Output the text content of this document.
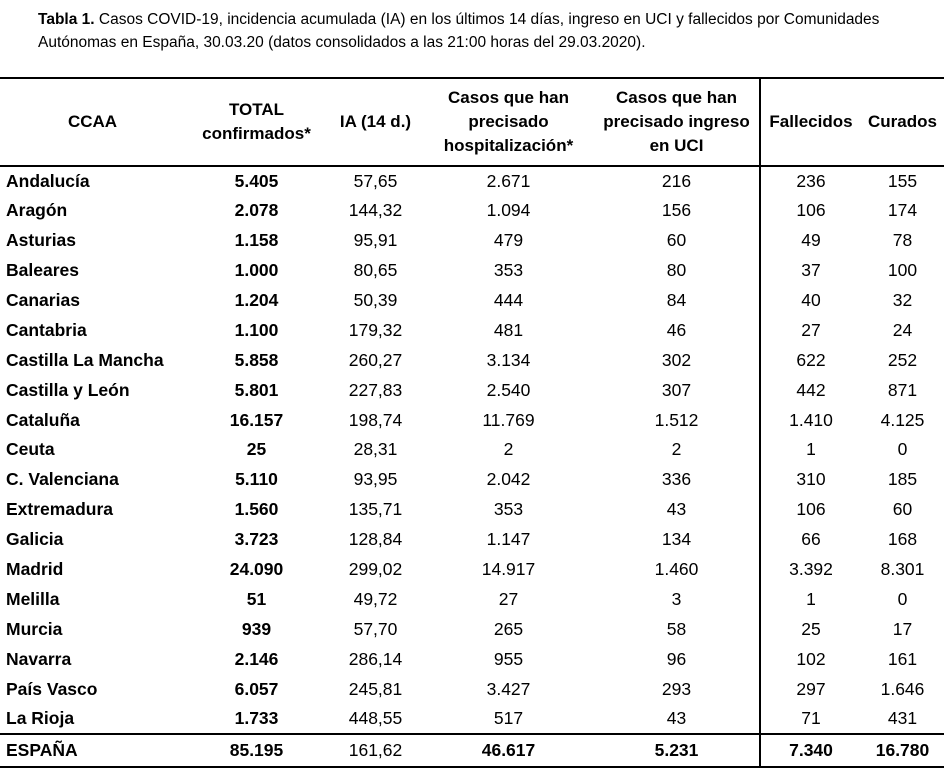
Tabla 1. Casos COVID-19, incidencia acumulada (IA) en los últimos 14 días, ingreso en UCI y fallecidos por Comunidades Autónomas en España, 30.03.20 (datos consolidados a las 21:00 horas del 29.03.2020).
CCAA	TOTAL confirmados*	IA (14 d.)	Casos que han precisado hospitalización*	Casos que han precisado ingreso en UCI	Fallecidos	Curados
Andalucía	5.405	57,65	2.671	216	236	155
Aragón	2.078	144,32	1.094	156	106	174
Asturias	1.158	95,91	479	60	49	78
Baleares	1.000	80,65	353	80	37	100
Canarias	1.204	50,39	444	84	40	32
Cantabria	1.100	179,32	481	46	27	24
Castilla La Mancha	5.858	260,27	3.134	302	622	252
Castilla y León	5.801	227,83	2.540	307	442	871
Cataluña	16.157	198,74	11.769	1.512	1.410	4.125
Ceuta	25	28,31	2	2	1	0
C. Valenciana	5.110	93,95	2.042	336	310	185
Extremadura	1.560	135,71	353	43	106	60
Galicia	3.723	128,84	1.147	134	66	168
Madrid	24.090	299,02	14.917	1.460	3.392	8.301
Melilla	51	49,72	27	3	1	0
Murcia	939	57,70	265	58	25	17
Navarra	2.146	286,14	955	96	102	161
País Vasco	6.057	245,81	3.427	293	297	1.646
La Rioja	1.733	448,55	517	43	71	431
ESPAÑA	85.195	161,62	46.617	5.231	7.340	16.780
